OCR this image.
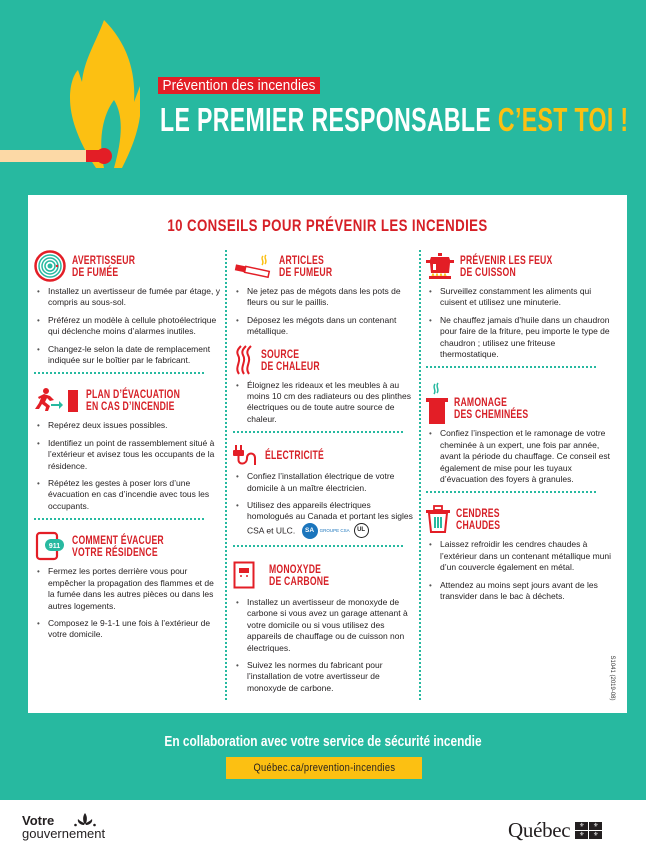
Prévention des incendies
LE PREMIER RESPONSABLE C’EST TOI !
10 CONSEILS POUR PRÉVENIR LES INCENDIES
AVERTISSEUR
DE FUMÉE
• Installez un avertisseur de fumée par étage, y compris au sous-sol.
• Préférez un modèle à cellule photoélectrique qui déclenche moins d’alarmes inutiles.
• Changez-le selon la date de remplacement indiquée sur le boîtier par le fabricant.
PLAN D’ÉVACUATION
EN CAS D’INCENDIE
• Repérez deux issues possibles.
• Identifiez un point de rassemblement situé à l’extérieur et avisez tous les occupants de la résidence.
• Répétez les gestes à poser lors d’une évacuation en cas d’incendie avec tous les occupants.
911 COMMENT ÉVACUER
VOTRE RÉSIDENCE
• Fermez les portes derrière vous pour empêcher la propagation des flammes et de la fumée dans les autres pièces ou dans les autres logements.
• Composez le 9-1-1 une fois à l’extérieur de votre domicile.
ARTICLES
DE FUMEUR
• Ne jetez pas de mégots dans les pots de fleurs ou sur le paillis.
• Déposez les mégots dans un contenant métallique.
SOURCE
DE CHALEUR
• Éloignez les rideaux et les meubles à au moins 10 cm des radiateurs ou des plinthes électriques ou de toute autre source de chaleur.
ÉLECTRICITÉ
• Confiez l’installation électrique de votre domicile à un maître électricien.
• Utilisez des appareils électriques homologués au Canada et portant les sigles CSA et ULC.	SA	GROUPE CSA	UL
MONOXYDE
DE CARBONE
• Installez un avertisseur de monoxyde de carbone si vous avez un garage attenant à votre domicile ou si vous utilisez des appareils de chauffage ou de cuisson non électriques.
• Suivez les normes du fabricant pour l’installation de votre avertisseur de monoxyde de carbone.
PRÉVENIR LES FEUX
DE CUISSON
• Surveillez constamment les aliments qui cuisent et utilisez une minuterie.
• Ne chauffez jamais d’huile dans un chaudron pour faire de la friture, peu importe le type de chaudron ; utilisez une friteuse thermostatique.
RAMONAGE
DES CHEMINÉES
• Confiez l’inspection et le ramonage de votre cheminée à un expert, une fois par année, avant la période du chauffage. Ce conseil est également de mise pour les tuyaux d’évacuation des foyers à granules.
CENDRES
CHAUDES
• Laissez refroidir les cendres chaudes à l’extérieur dans un contenant métallique muni d’un couvercle également en métal.
• Attendez au moins sept jours avant de les transvider dans le bac à déchets.
S1041 (2019-08)
En collaboration avec votre service de sécurité incendie
Québec.ca/prevention-incendies
Votre
gouvernement	Québec	⚜	⚜
⚜	⚜
